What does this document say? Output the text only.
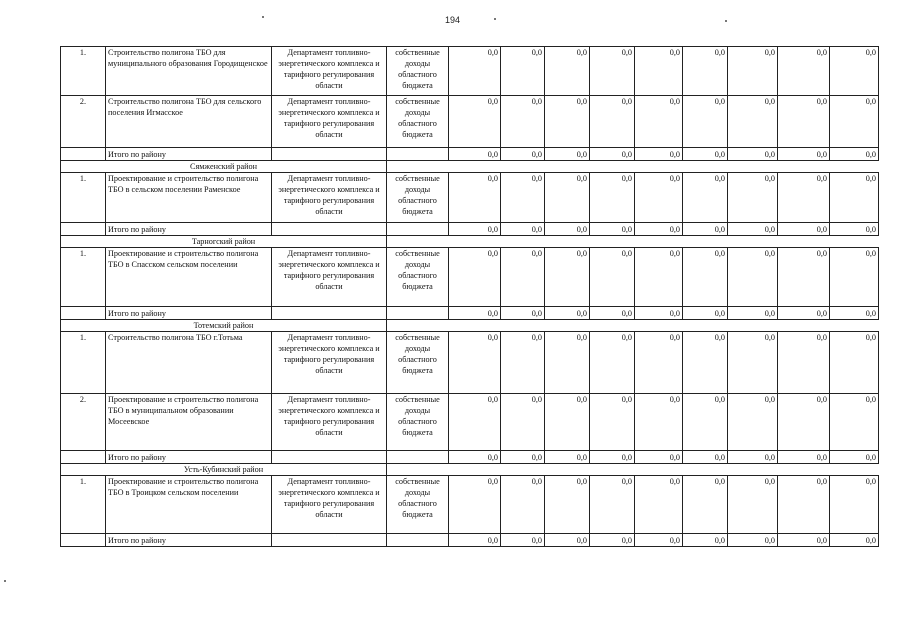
194
1.	Строительство полигона ТБО для муниципального образования Городищенское	Департамент топливно-энергетического комплекса и тарифного регулирования области	собственные доходы областного бюджета	0,0	0,0	0,0	0,0	0,0	0,0	0,0	0,0	0,0
2.	Строительство полигона ТБО для сельского поселения Игмасское	Департамент топливно-энергетического комплекса и тарифного регулирования области	собственные доходы областного бюджета	0,0	0,0	0,0	0,0	0,0	0,0	0,0	0,0	0,0
	Итого по району			0,0	0,0	0,0	0,0	0,0	0,0	0,0	0,0	0,0
Сямженский район												
1.	Проектирование и строительство полигона ТБО в сельском поселении Раменское	Департамент топливно-энергетического комплекса и тарифного регулирования области	собственные доходы областного бюджета	0,0	0,0	0,0	0,0	0,0	0,0	0,0	0,0	0,0
	Итого по району			0,0	0,0	0,0	0,0	0,0	0,0	0,0	0,0	0,0
Тарногский район												
1.	Проектирование и строительство полигона ТБО в Спасском сельском поселении	Департамент топливно-энергетического комплекса и тарифного регулирования области	собственные доходы областного бюджета	0,0	0,0	0,0	0,0	0,0	0,0	0,0	0,0	0,0
	Итого по району			0,0	0,0	0,0	0,0	0,0	0,0	0,0	0,0	0,0
Тотемский район												
1.	Строительство полигона ТБО г.Тотьма	Департамент топливно-энергетического комплекса и тарифного регулирования области	собственные доходы областного бюджета	0,0	0,0	0,0	0,0	0,0	0,0	0,0	0,0	0,0
2.	Проектирование и строительство полигона ТБО в муниципальном образовании Мосеевское	Департамент топливно-энергетического комплекса и тарифного регулирования области	собственные доходы областного бюджета	0,0	0,0	0,0	0,0	0,0	0,0	0,0	0,0	0,0
	Итого по району			0,0	0,0	0,0	0,0	0,0	0,0	0,0	0,0	0,0
Усть-Кубинский район												
1.	Проектирование и строительство полигона ТБО в Троицком сельском поселении	Департамент топливно-энергетического комплекса и тарифного регулирования области	собственные доходы областного бюджета	0,0	0,0	0,0	0,0	0,0	0,0	0,0	0,0	0,0
	Итого по району			0,0	0,0	0,0	0,0	0,0	0,0	0,0	0,0	0,0
